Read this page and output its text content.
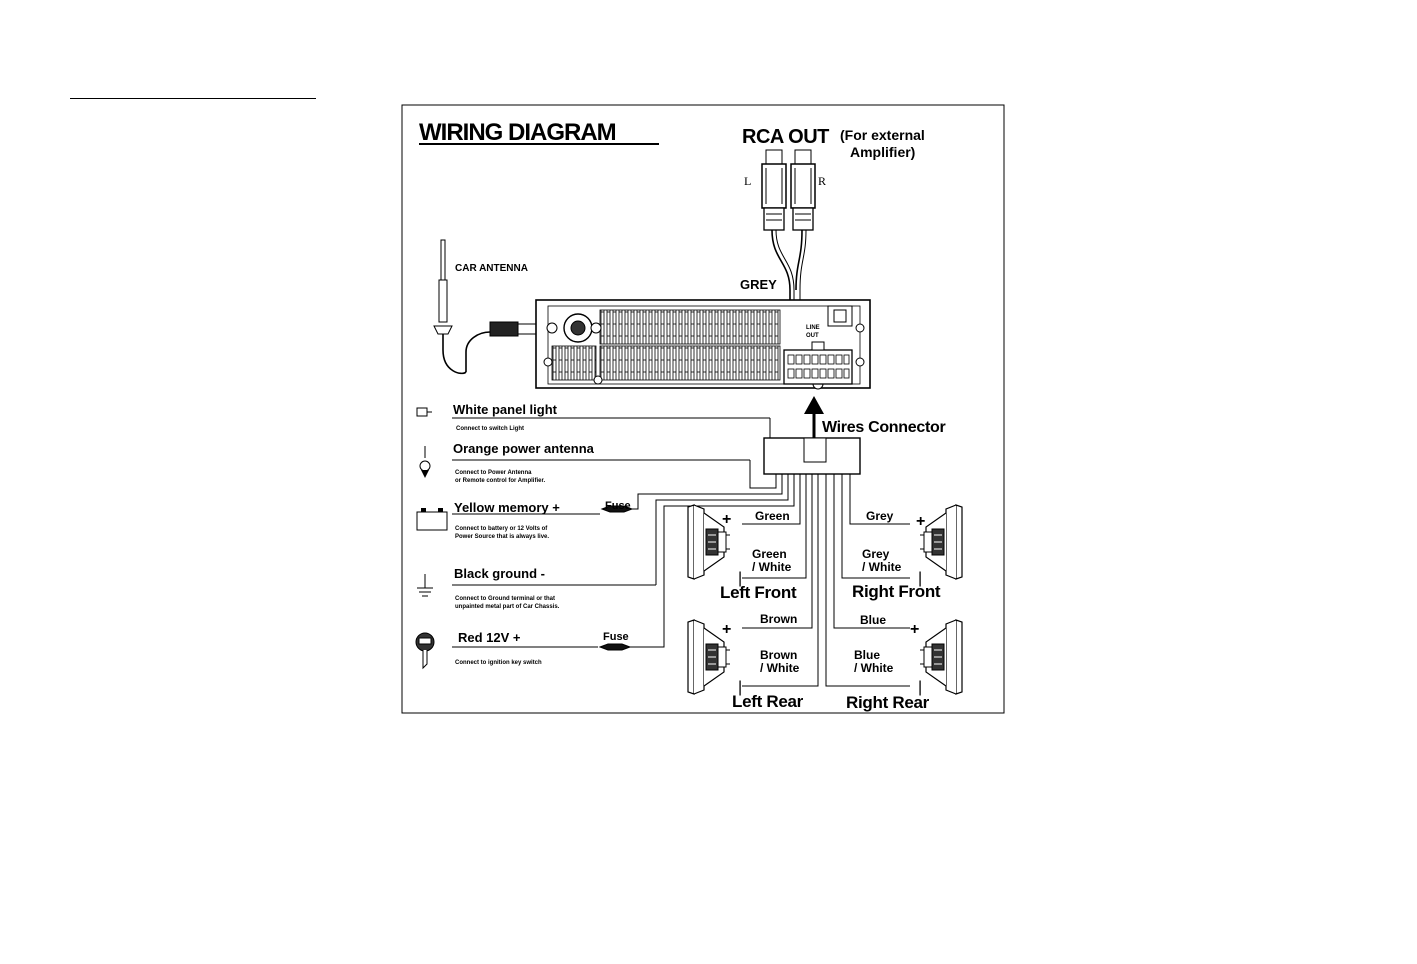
WIRING DIAGRAM	RCA OUT (For external
Amplifier)
L	R
GREY
CAR ANTENNA
LINE
OUT
Wires Connector
White panel light
Connect to switch Light
Orange power antenna
Connect to Power Antenna
or Remote control for Amplifier.
Yellow memory +	Fuse
Connect to battery or 12 Volts of
Power Source that is always live.
Black ground -
Connect to Ground terminal or that
unpainted metal part of Car Chassis.
Red 12V +	Fuse
Connect to ignition key switch
+
|
+
|
+
|
+
|
Green
Green
/ White
Left Front
Grey
Grey
/ White
Right Front
Brown
Brown
/ White
Left Rear
Blue
Blue
/ White
Right Rear
